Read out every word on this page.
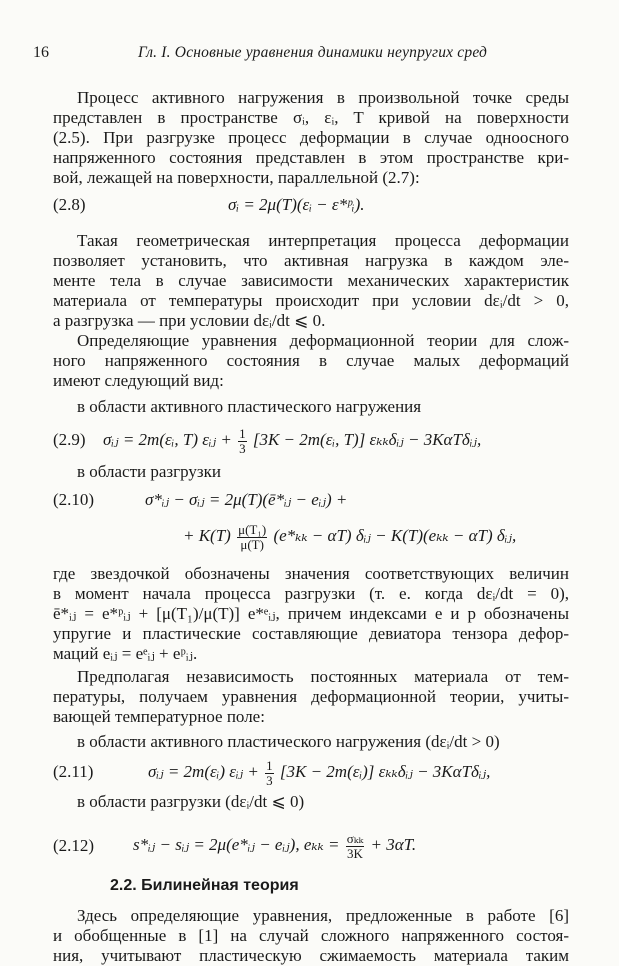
16	Гл. I. Основные уравнения динамики неупругих сред
Процесс активного нагружения в произвольной точке среды
представлен в пространстве σᵢ, εᵢ, T кривой на поверхности
(2.5). При разгрузке процесс деформации в случае одноосного
напряженного состояния представлен в этом пространстве кри-
вой, лежащей на поверхности, параллельной (2.7):
(2.8)	σᵢ = 2μ(T)(εᵢ − ε*ᵖᵢ).
Такая геометрическая интерпретация процесса деформации
позволяет установить, что активная нагрузка в каждом эле-
менте тела в случае зависимости механических характеристик
материала от температуры происходит при условии dεᵢ/dt > 0,
а разгрузка — при условии dεᵢ/dt ⩽ 0.
Определяющие уравнения деформационной теории для слож-
ного напряженного состояния в случае малых деформаций
имеют следующий вид:
в области активного пластического нагружения
(2.9) σᵢⱼ = 2m(εᵢ, T) εᵢⱼ + $\frac{1}{3} [3K$ − 2m(εᵢ, T)] εₖₖδᵢⱼ − 3KαTδᵢⱼ,
в области разгрузки
(2.10)	σ*ᵢⱼ − σᵢⱼ = 2μ(T)(ē*ᵢⱼ − eᵢⱼ) +
+ $K(T) \frac{\text{μ(T₁)}}{\mu(T)} (e*_{kk} - \alpha T)$ δᵢⱼ − K(T)(eₖₖ − αT) δᵢⱼ,
где звездочкой обозначены значения соответствующих величин
в момент начала процесса разгрузки (т. е. когда dεᵢ/dt = 0),
ē*ᵢⱼ = e*ᵖᵢⱼ + [μ(T₁)/μ(T)] e*ᵉᵢⱼ, причем индексами e и p обозначены
упругие и пластические составляющие девиатора тензора дефор-
маций eᵢⱼ = eᵉᵢⱼ + eᵖᵢⱼ.
Предполагая независимость постоянных материала от тем-
пературы, получаем уравнения деформационной теории, учиты-
вающей температурное поле:
в области активного пластического нагружения (dεᵢ/dt > 0)
(2.11)	σᵢⱼ = 2m(εᵢ) εᵢⱼ + $\frac{1}{3} [3K$ − 2m(εᵢ)] εₖₖδᵢⱼ − 3KαTδᵢⱼ,
в области разгрузки (dεᵢ/dt ⩽ 0)
(2.12) s*ᵢⱼ − sᵢⱼ = 2μ(e*ᵢⱼ − eᵢⱼ), $e_{kk} = \frac{\text{σₖₖ}}{3K} + 3\alpha T$.
2.2. Билинейная теория
Здесь определяющие уравнения, предложенные в работе [6]
и обобщенные в [1] на случай сложного напряженного состоя-
ния, учитывают пластическую сжимаемость материала таким
